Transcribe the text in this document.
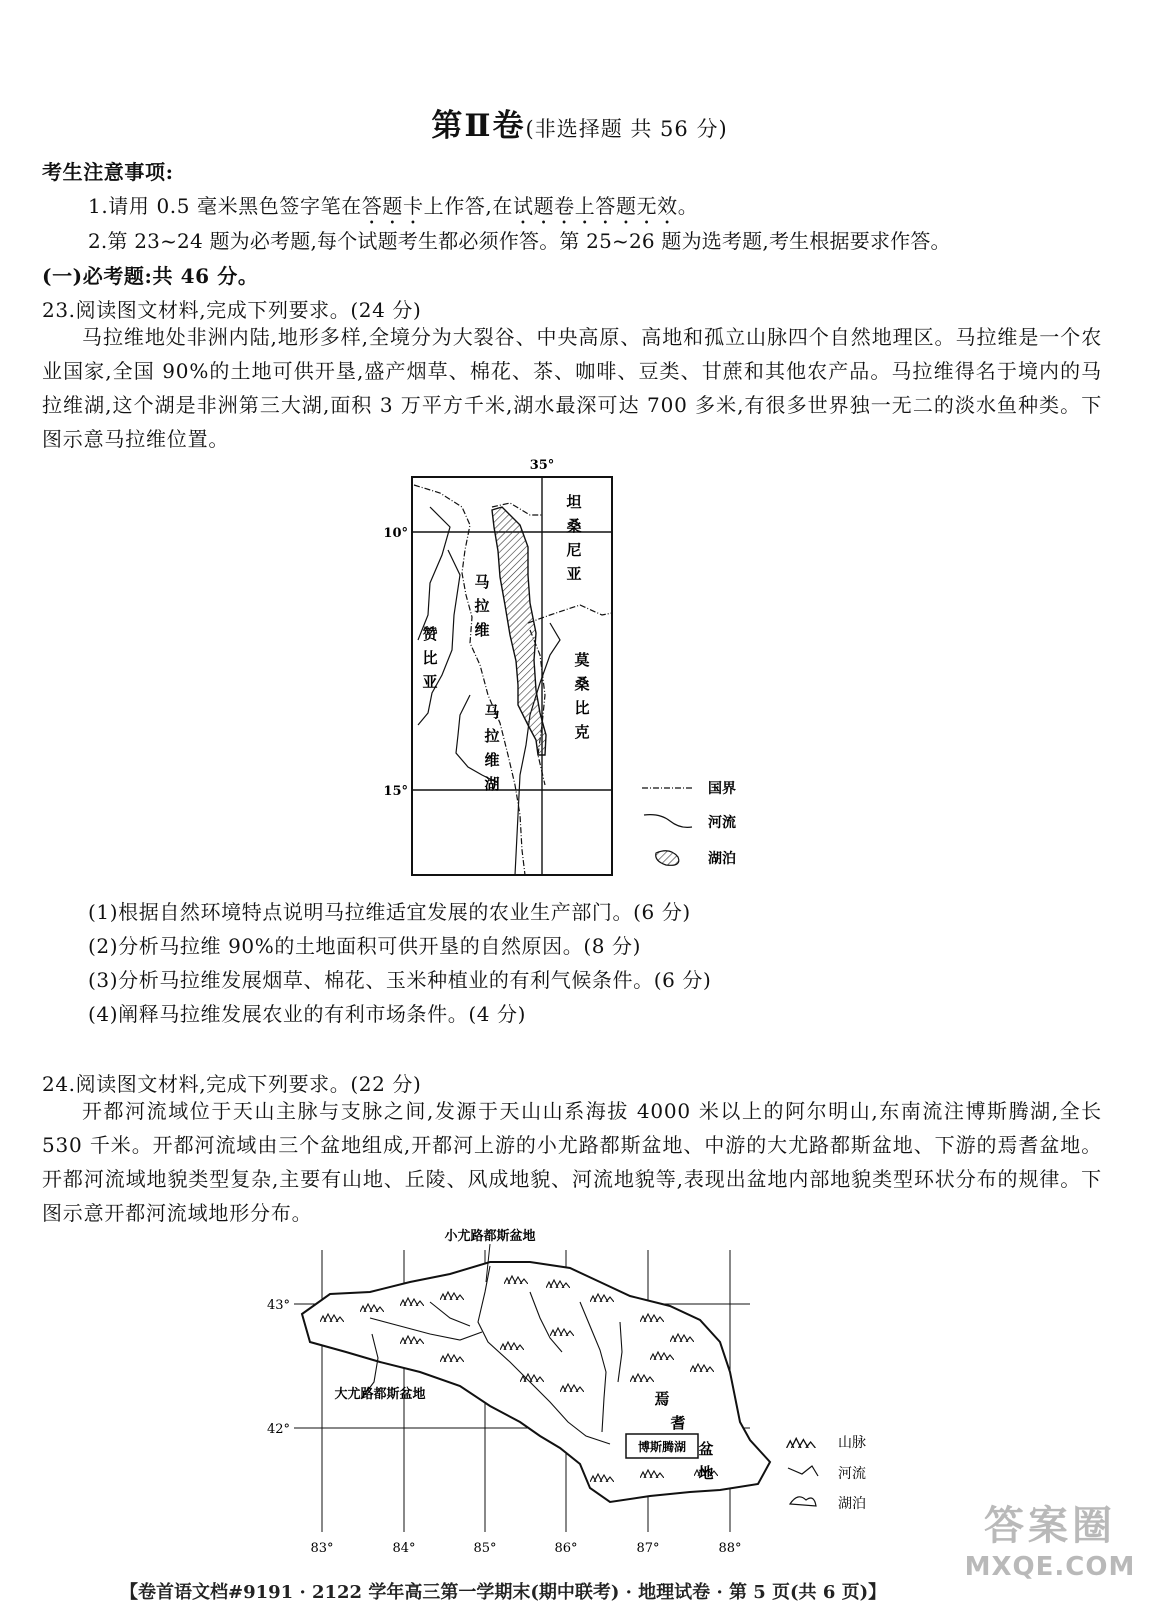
第Ⅱ卷(非选择题 共 56 分)
考生注意事项:
1.请用 0.5 毫米黑色签字笔在答题卡上作答,在试题卷上答题无效。
2.第 23~24 题为必考题,每个试题考生都必须作答。第 25~26 题为选考题,考生根据要求作答。
(一)必考题:共 46 分。
23.阅读图文材料,完成下列要求。(24 分)
马拉维地处非洲内陆,地形多样,全境分为大裂谷、中央高原、高地和孤立山脉四个自然地理区。马拉维是一个农业国家,全国 90%的土地可供开垦,盛产烟草、棉花、茶、咖啡、豆类、甘蔗和其他农产品。马拉维得名于境内的马拉维湖,这个湖是非洲第三大湖,面积 3 万平方千米,湖水最深可达 700 多米,有很多世界独一无二的淡水鱼种类。下图示意马拉维位置。
35°
10°
15°
坦
桑
尼
亚
马
拉
维
赞
比
亚
莫
桑
比
克
马
拉
维
湖	国界
河流
湖泊
(1)根据自然环境特点说明马拉维适宜发展的农业生产部门。(6 分)
(2)分析马拉维 90%的土地面积可供开垦的自然原因。(8 分)
(3)分析马拉维发展烟草、棉花、玉米种植业的有利气候条件。(6 分)
(4)阐释马拉维发展农业的有利市场条件。(4 分)
24.阅读图文材料,完成下列要求。(22 分)
开都河流域位于天山主脉与支脉之间,发源于天山山系海拔 4000 米以上的阿尔明山,东南流注博斯腾湖,全长 530 千米。开都河流域由三个盆地组成,开都河上游的小尤路都斯盆地、中游的大尤路都斯盆地、下游的焉耆盆地。开都河流域地貌类型复杂,主要有山地、丘陵、风成地貌、河流地貌等,表现出盆地内部地貌类型环状分布的规律。下图示意开都河流域地形分布。
43°
42°
83°	84°	85°	86°	87°	88°
博斯腾湖
小尤路都斯盆地
大尤路都斯盆地	焉
耆
盆
地
山脉
河流
湖泊	答案圈
MXQE.COM
【卷首语文档#9191 · 2122 学年高三第一学期末(期中联考) · 地理试卷 · 第 5 页(共 6 页)】
